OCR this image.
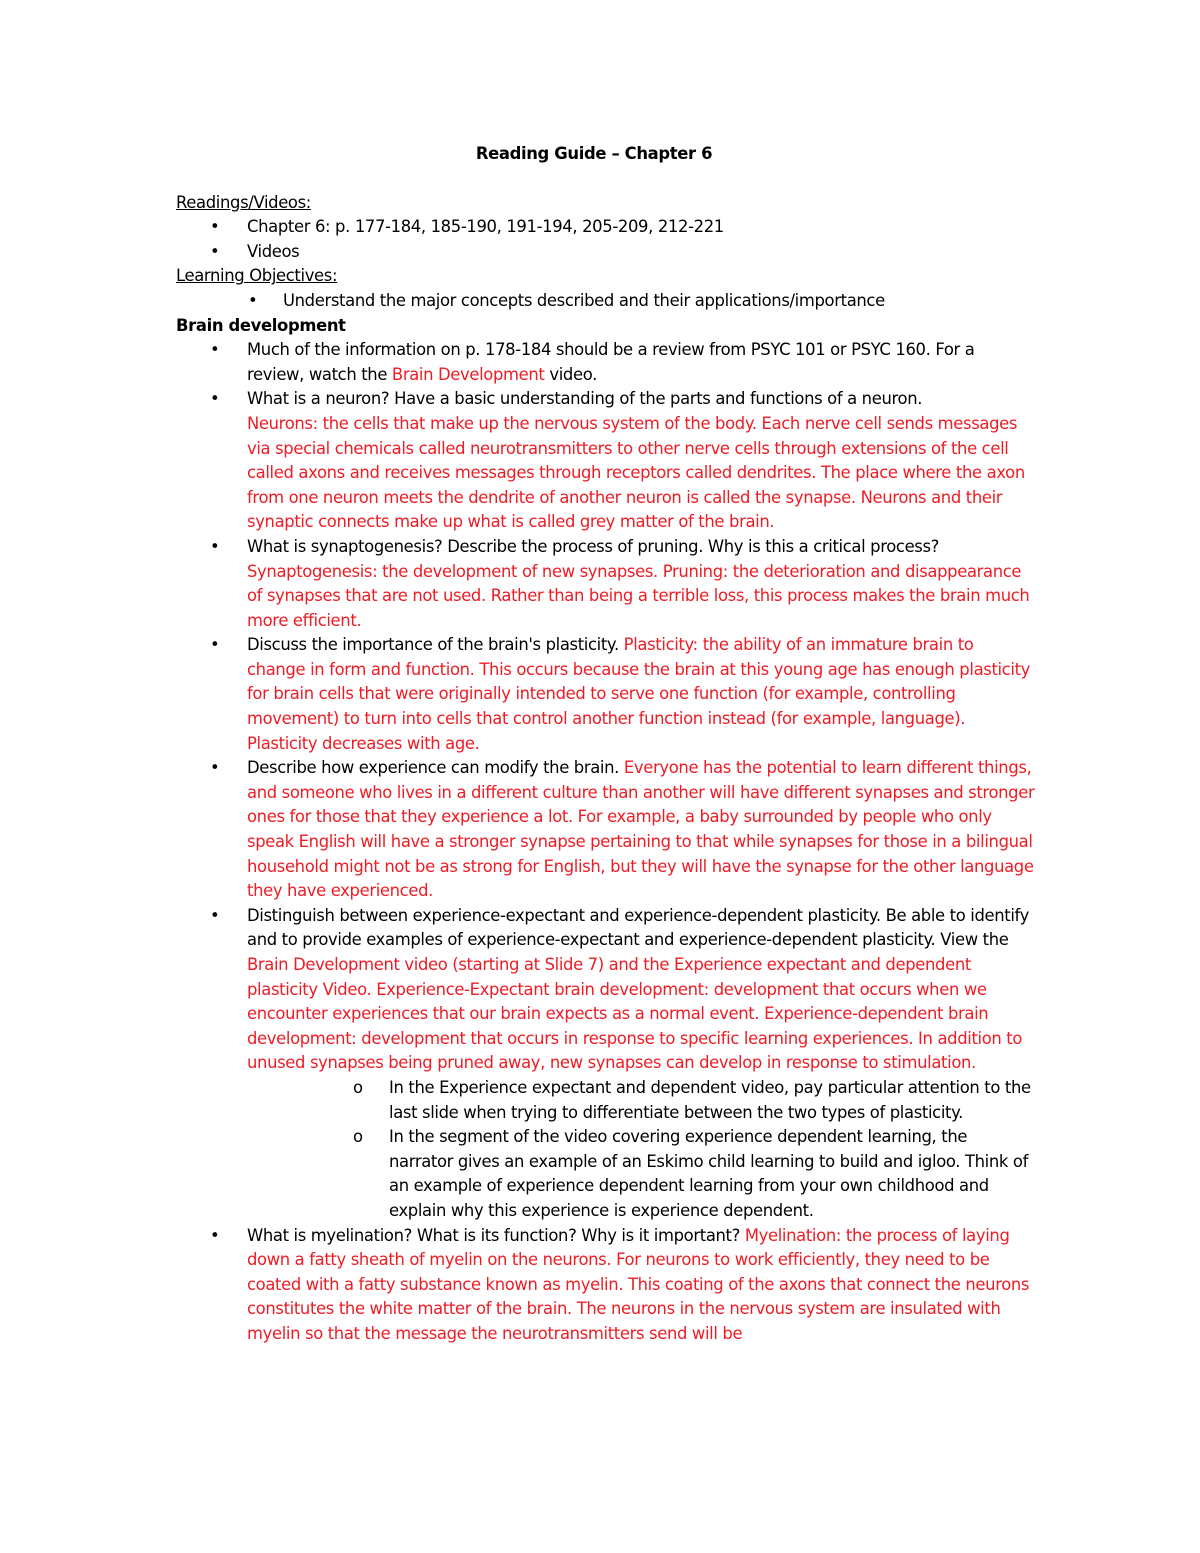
Reading Guide – Chapter 6
Readings/Videos:
• Chapter 6: p. 177-184, 185-190, 191-194, 205-209, 212-221
• Videos
Learning Objectives:
• Understand the major concepts described and their applications/importance
Brain development
• Much of the information on p. 178-184 should be a review from PSYC 101 or PSYC 160. For a review, watch the Brain Development video.
• What is a neuron? Have a basic understanding of the parts and functions of a neuron.

Neurons: the cells that make up the nervous system of the body. Each nerve cell sends messages via special chemicals called neurotransmitters to other nerve cells through extensions of the cell called axons and receives messages through receptors called dendrites. The place where the axon from one neuron meets the dendrite of another neuron is called the synapse. Neurons and their synaptic connects make up what is called grey matter of the brain.

• What is synaptogenesis? Describe the process of pruning. Why is this a critical process? Synaptogenesis: the development of new synapses. Pruning: the deterioration and disappearance of synapses that are not used. Rather than being a terrible loss, this process makes the brain much more efficient.
• Discuss the importance of the brain's plasticity. Plasticity: the ability of an immature brain to change in form and function. This occurs because the brain at this young age has enough plasticity for brain cells that were originally intended to serve one function (for example, controlling movement) to turn into cells that control another function instead (for example, language). Plasticity decreases with age.
• Describe how experience can modify the brain. Everyone has the potential to learn different things, and someone who lives in a different culture than another will have different synapses and stronger ones for those that they experience a lot. For example, a baby surrounded by people who only speak English will have a stronger synapse pertaining to that while synapses for those in a bilingual household might not be as strong for English, but they will have the synapse for the other language they have experienced.
• Distinguish between experience-expectant and experience-dependent plasticity. Be able to identify and to provide examples of experience-expectant and experience-dependent plasticity. View the Brain Development video (starting at Slide 7) and the Experience expectant and dependent plasticity Video. Experience-Expectant brain development: development that occurs when we encounter experiences that our brain expects as a normal event. Experience-dependent brain development: development that occurs in response to specific learning experiences. In addition to unused synapses being pruned away, new synapses can develop in response to stimulation.
o In the Experience expectant and dependent video, pay particular attention to the last slide when trying to differentiate between the two types of plasticity.
o In the segment of the video covering experience dependent learning, the narrator gives an example of an Eskimo child learning to build and igloo. Think of an example of experience dependent learning from your own childhood and explain why this experience is experience dependent.
• What is myelination? What is its function? Why is it important? Myelination: the process of laying down a fatty sheath of myelin on the neurons. For neurons to work efficiently, they need to be coated with a fatty substance known as myelin. This coating of the axons that connect the neurons constitutes the white matter of the brain. The neurons in the nervous system are insulated with myelin so that the message the neurotransmitters send will be
